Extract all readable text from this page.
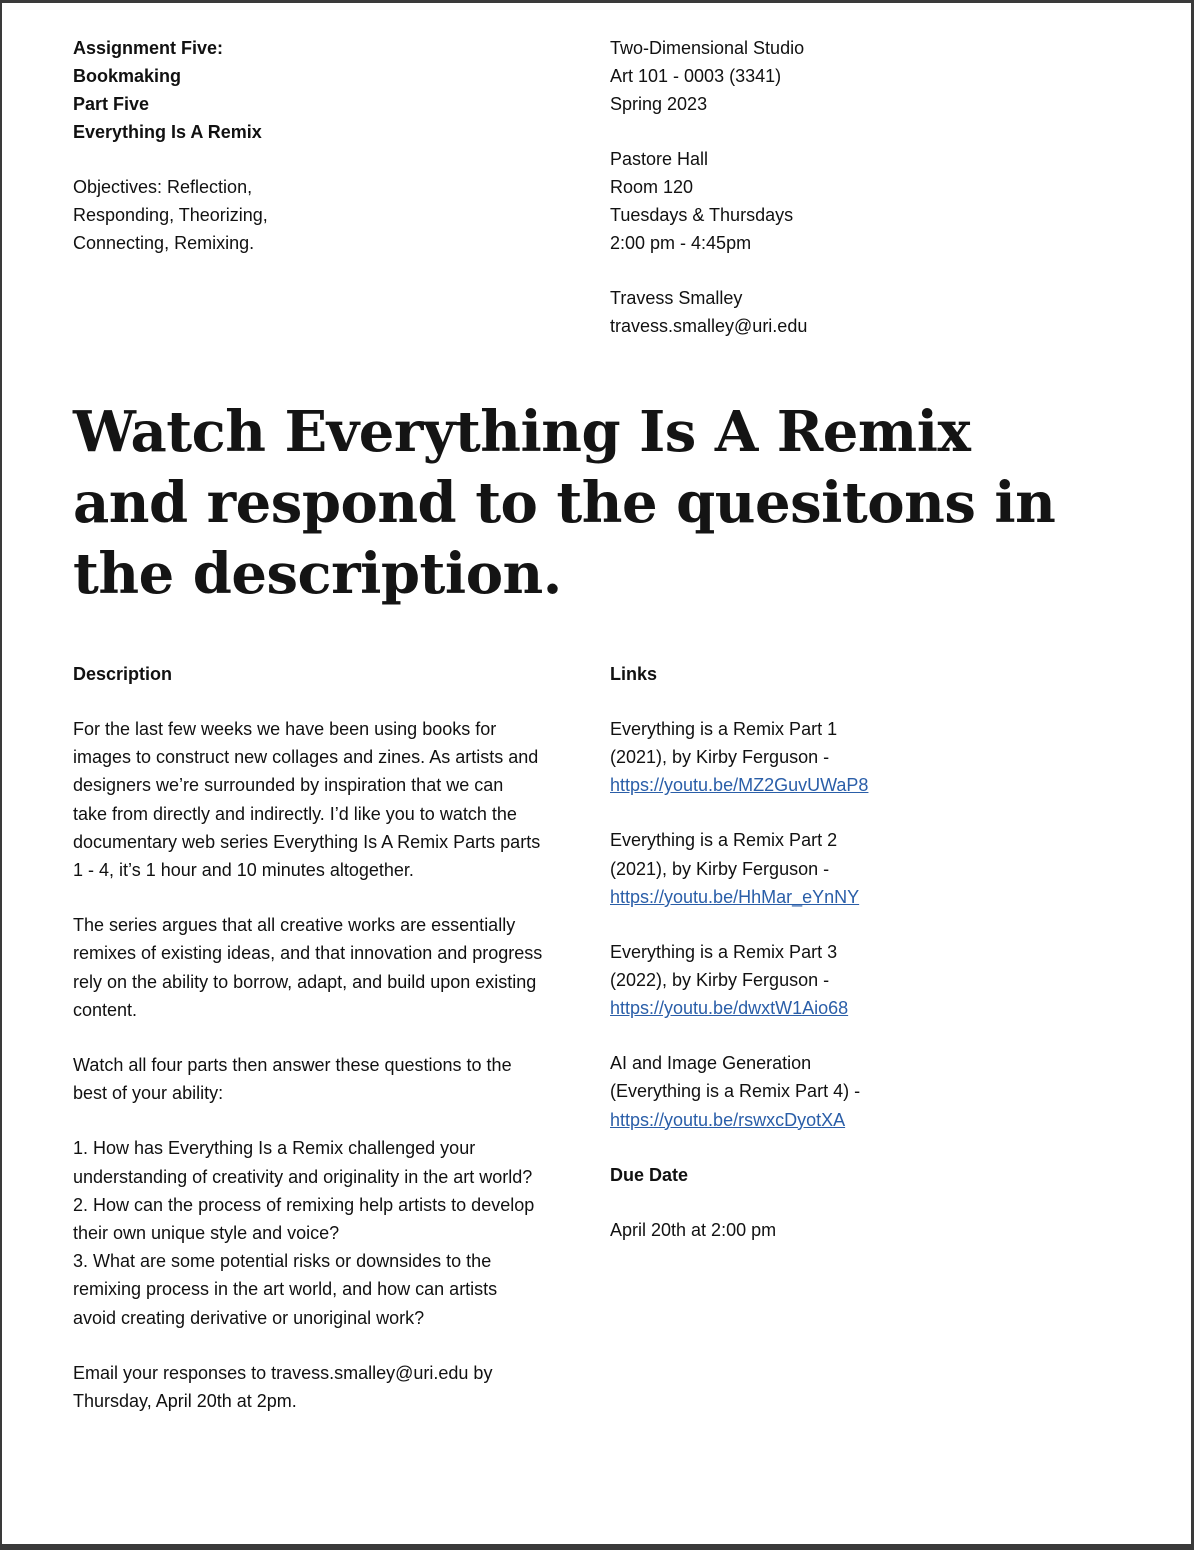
Assignment Five:
Bookmaking
Part Five
Everything Is A Remix
Objectives: Reflection,
Responding, Theorizing,
Connecting, Remixing.
Two-Dimensional Studio
Art 101 - 0003 (3341)
Spring 2023
Pastore Hall
Room 120
Tuesdays & Thursdays
2:00 pm - 4:45pm
Travess Smalley
travess.smalley@uri.edu
Watch Everything Is A Remix
and respond to the quesitons in
the description.
Description
For the last few weeks we have been using books for
images to construct new collages and zines. As artists and
designers we’re surrounded by inspiration that we can
take from directly and indirectly. I’d like you to watch the
documentary web series Everything Is A Remix Parts parts
1 - 4, it’s 1 hour and 10 minutes altogether.
The series argues that all creative works are essentially
remixes of existing ideas, and that innovation and progress
rely on the ability to borrow, adapt, and build upon existing
content.
Watch all four parts then answer these questions to the
best of your ability:
1. How has Everything Is a Remix challenged your
understanding of creativity and originality in the art world?
2. How can the process of remixing help artists to develop
their own unique style and voice?
3. What are some potential risks or downsides to the
remixing process in the art world, and how can artists
avoid creating derivative or unoriginal work?
Email your responses to travess.smalley@uri.edu by
Thursday, April 20th at 2pm.
Links
Everything is a Remix Part 1
(2021), by Kirby Ferguson -
https://youtu.be/MZ2GuvUWaP8
Everything is a Remix Part 2
(2021), by Kirby Ferguson -
https://youtu.be/HhMar_eYnNY
Everything is a Remix Part 3
(2022), by Kirby Ferguson -
https://youtu.be/dwxtW1Aio68
AI and Image Generation
(Everything is a Remix Part 4) -
https://youtu.be/rswxcDyotXA
Due Date
April 20th at 2:00 pm
